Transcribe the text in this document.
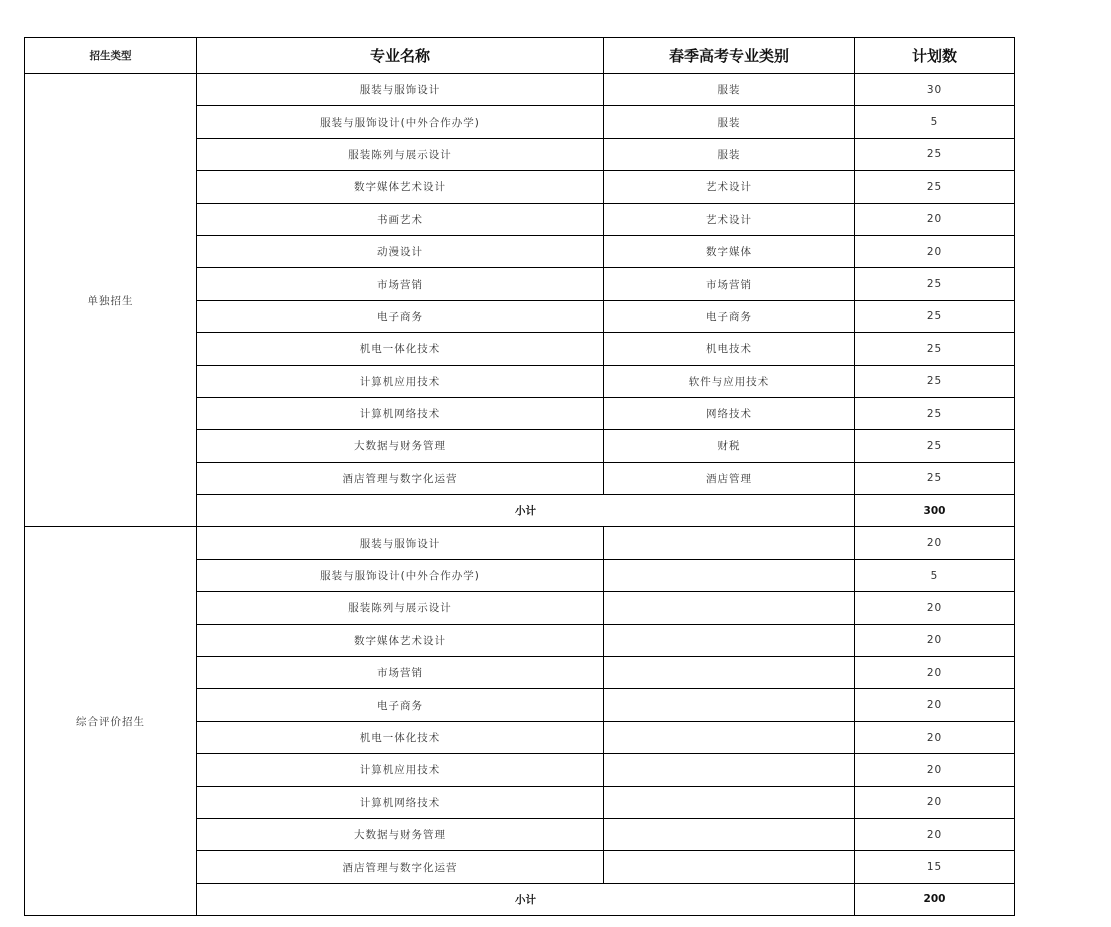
招生类型	专业名称	春季高考专业类别	计划数
单独招生	服装与服饰设计	服装	30
	服装与服饰设计(中外合作办学)	服装	5
	服装陈列与展示设计	服装	25
	数字媒体艺术设计	艺术设计	25
	书画艺术	艺术设计	20
	动漫设计	数字媒体	20
	市场营销	市场营销	25
	电子商务	电子商务	25
	机电一体化技术	机电技术	25
	计算机应用技术	软件与应用技术	25
	计算机网络技术	网络技术	25
	大数据与财务管理	财税	25
	酒店管理与数字化运营	酒店管理	25
	小计		300
综合评价招生	服装与服饰设计		20
	服装与服饰设计(中外合作办学)		5
	服装陈列与展示设计		20
	数字媒体艺术设计		20
	市场营销		20
	电子商务		20
	机电一体化技术		20
	计算机应用技术		20
	计算机网络技术		20
	大数据与财务管理		20
	酒店管理与数字化运营		15
	小计		200
